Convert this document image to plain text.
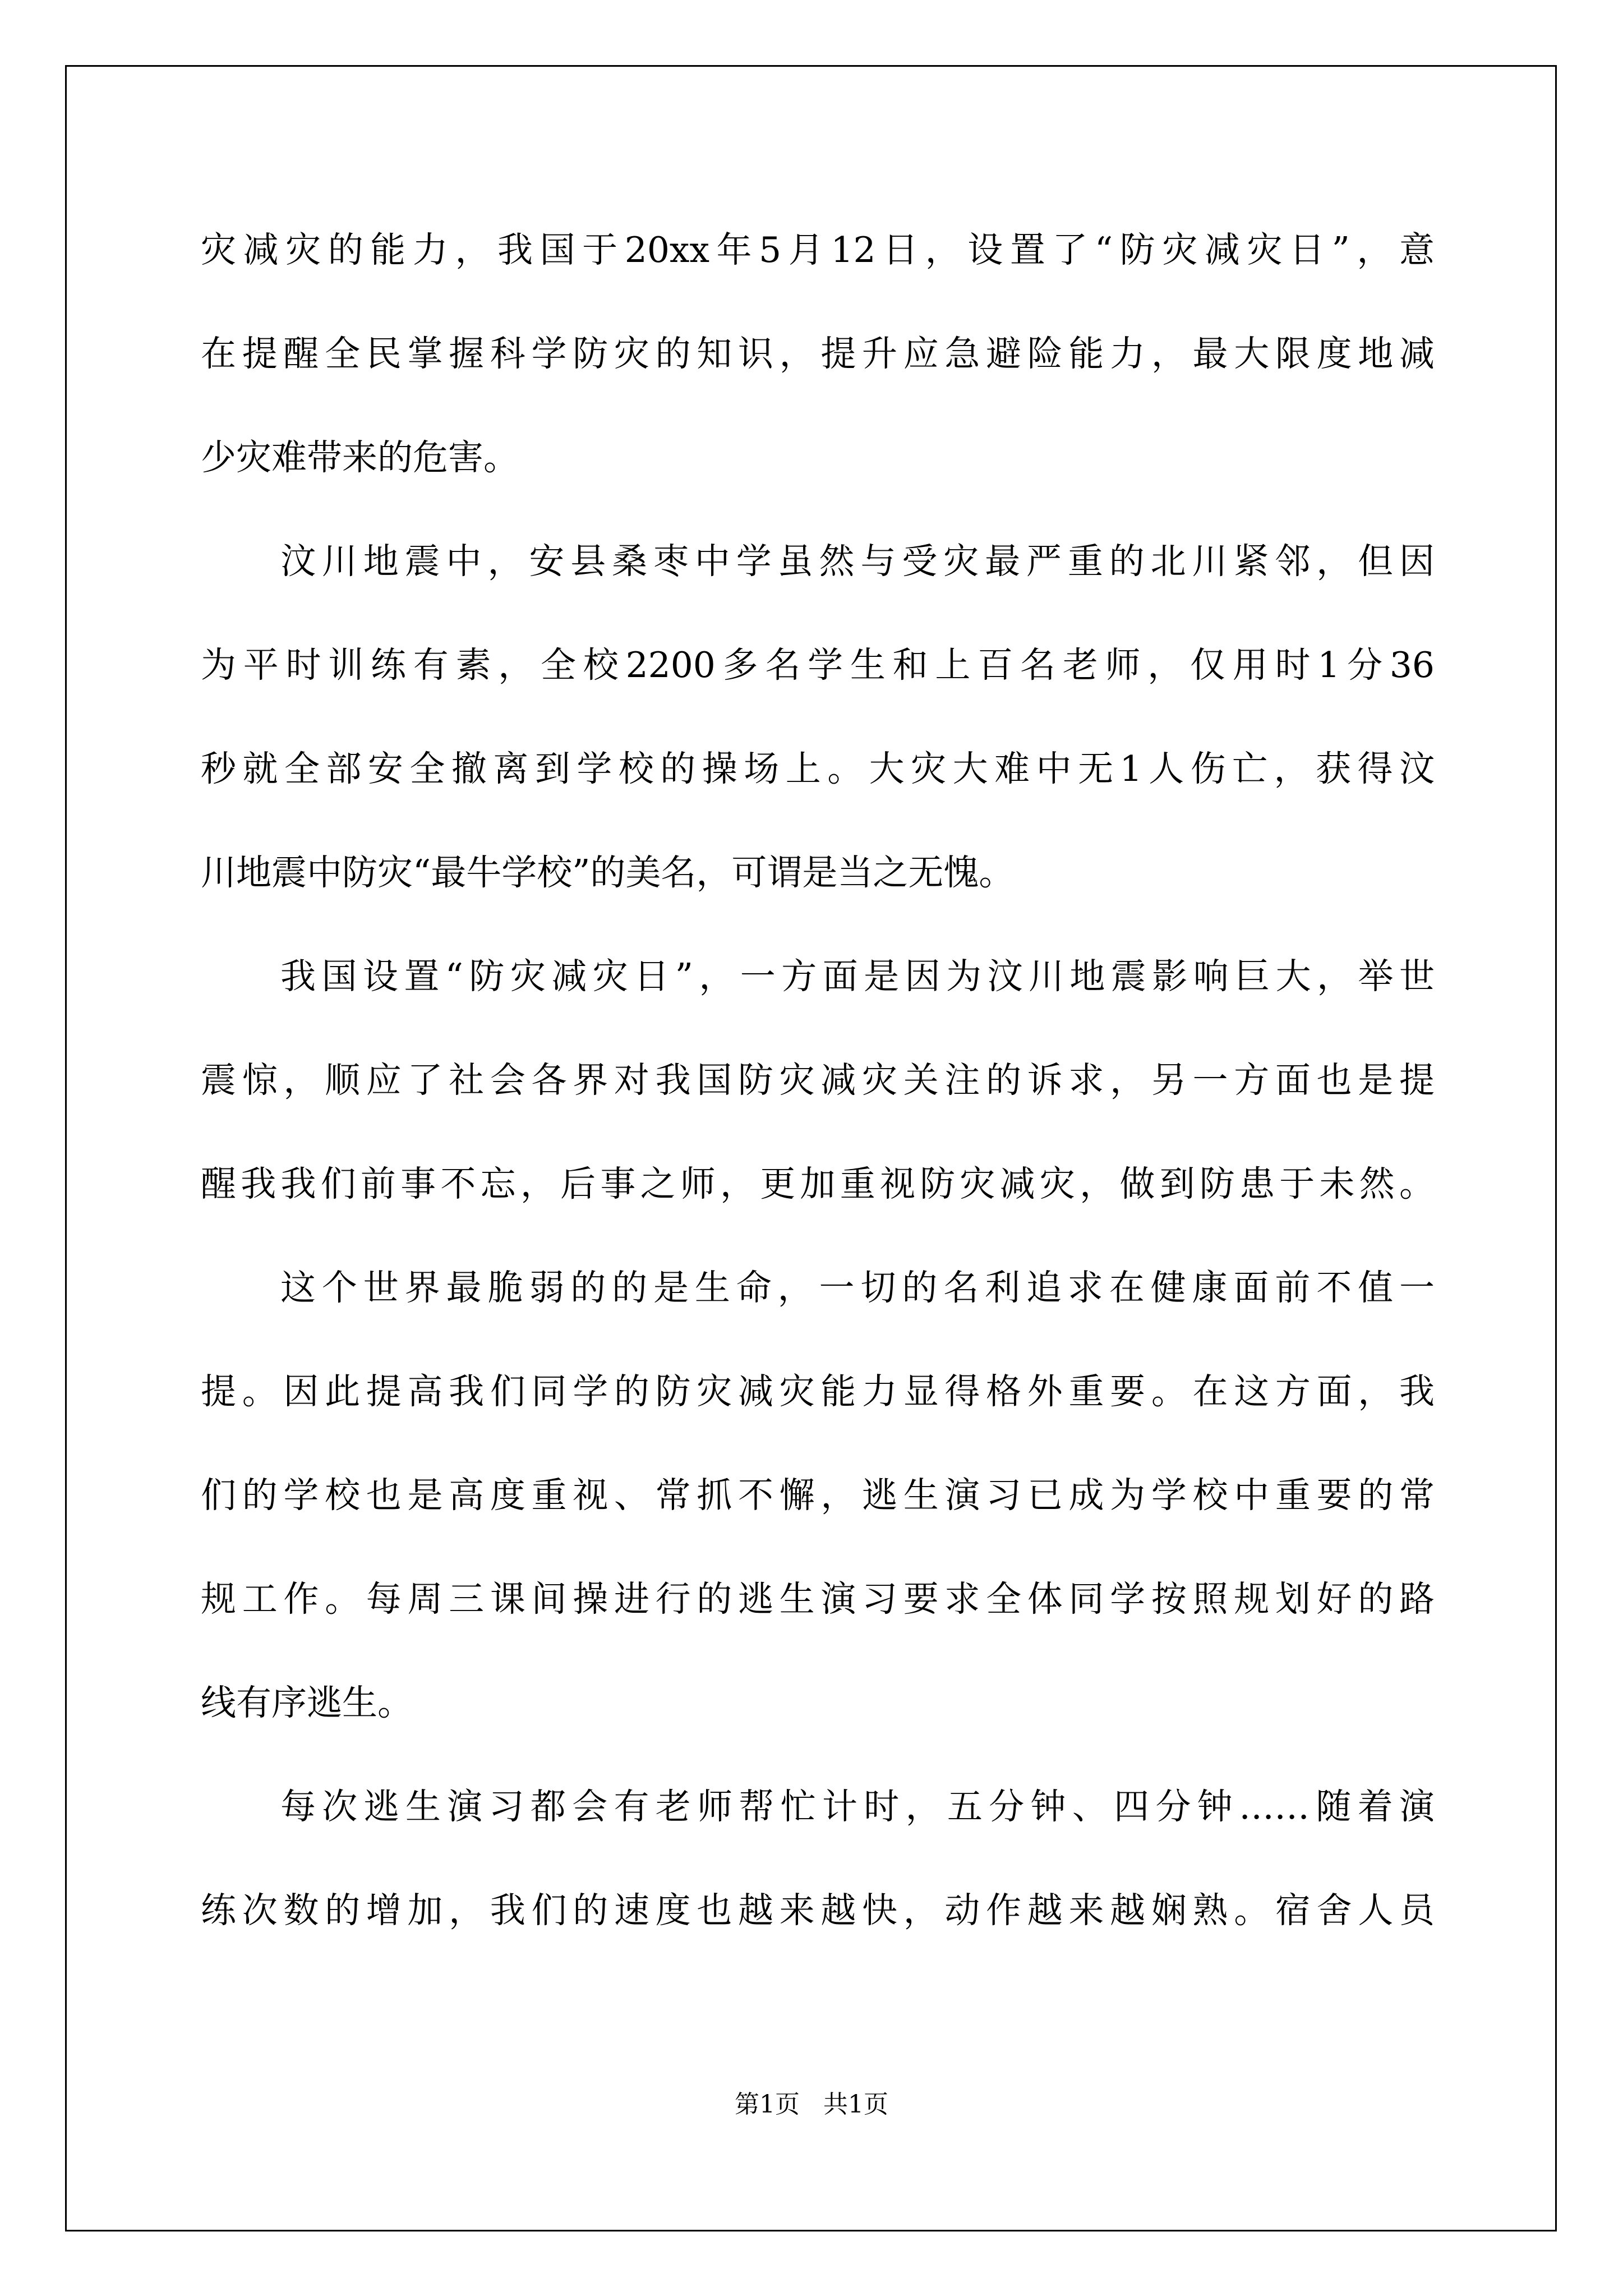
灾减灾的能力，我国于20xx年5月12日，设置了“防灾减灾日”，意
在提醒全民掌握科学防灾的知识，提升应急避险能力，最大限度地减
少灾难带来的危害。
汶川地震中，安县桑枣中学虽然与受灾最严重的北川紧邻，但因
为平时训练有素，全校2200多名学生和上百名老师，仅用时1分36
秒就全部安全撤离到学校的操场上。大灾大难中无1人伤亡，获得汶
川地震中防灾“最牛学校”的美名，可谓是当之无愧。
我国设置“防灾减灾日”，一方面是因为汶川地震影响巨大，举世
震惊，顺应了社会各界对我国防灾减灾关注的诉求，另一方面也是提
醒我我们前事不忘，后事之师，更加重视防灾减灾，做到防患于未然。
这个世界最脆弱的的是生命，一切的名利追求在健康面前不值一
提。因此提高我们同学的防灾减灾能力显得格外重要。在这方面，我
们的学校也是高度重视、常抓不懈，逃生演习已成为学校中重要的常
规工作。每周三课间操进行的逃生演习要求全体同学按照规划好的路
线有序逃生。
每次逃生演习都会有老师帮忙计时，五分钟、四分钟……随着演
练次数的增加，我们的速度也越来越快，动作越来越娴熟。宿舍人员
第1页   共1页
